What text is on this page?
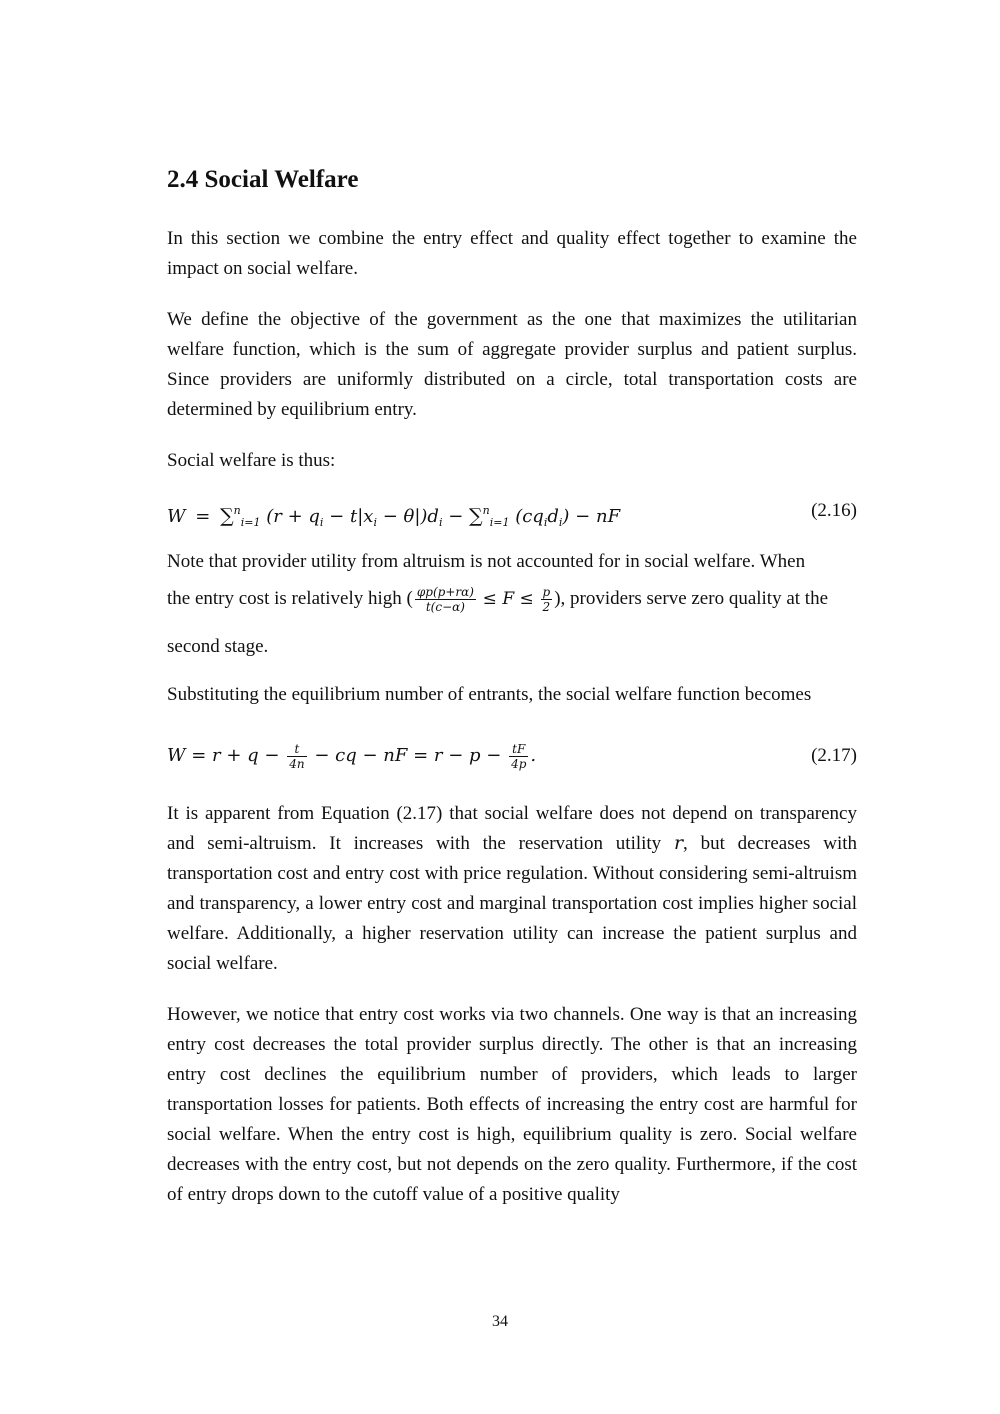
2.4 Social Welfare

In this section we combine the entry effect and quality effect together to examine the impact on social welfare.

We define the objective of the government as the one that maximizes the utilitarian welfare function, which is the sum of aggregate provider surplus and patient surplus. Since providers are uniformly distributed on a circle, total transportation costs are determined by equilibrium entry.

Social welfare is thus:

W = ∑$^n_{i=1}$ $(r + q_i - t|x_i - \theta|)d_i - \sum^n_{i=1}$ $(cq_id_i)$ − nF	(2.16)

Note that provider utility from altruism is not accounted for in social welfare. When

the entry cost is relatively high ( $\frac{\varphi p(p+r\alpha)}{t(c-\alpha)} \le F \le \frac{p}{2}$ ), providers serve zero quality at the

second stage.

Substituting the equilibrium number of entrants, the social welfare function becomes

$W = r + q - \frac{t}{4n}$ − cq − nF = $r - p - \frac{tF}{4p}$ .	(2.17)

It is apparent from Equation (2.17) that social welfare does not depend on transparency and semi-altruism. It increases with the reservation utility 𝑟, but decreases with transportation cost and entry cost with price regulation. Without considering semi-altruism and transparency, a lower entry cost and marginal transportation cost implies higher social welfare. Additionally, a higher reservation utility can increase the patient surplus and social welfare.

However, we notice that entry cost works via two channels. One way is that an increasing entry cost decreases the total provider surplus directly. The other is that an increasing entry cost declines the equilibrium number of providers, which leads to larger transportation losses for patients. Both effects of increasing the entry cost are harmful for social welfare. When the entry cost is high, equilibrium quality is zero. Social welfare decreases with the entry cost, but not depends on the zero quality. Furthermore, if the cost of entry drops down to the cutoff value of a positive quality

34
